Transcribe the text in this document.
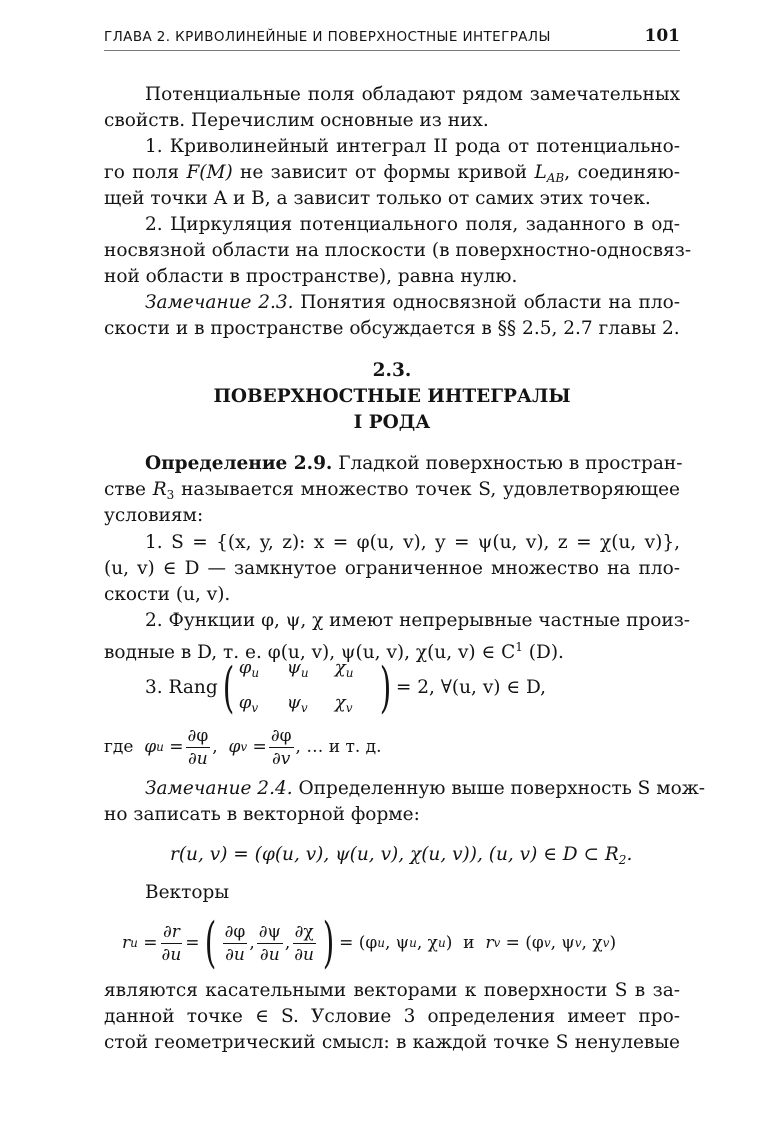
ГЛАВА 2. КРИВОЛИНЕЙНЫЕ И ПОВЕРХНОСТНЫЕ ИНТЕГРАЛЫ	101
Потенциальные поля обладают рядом замечательных
свойств. Перечислим основные из них.
1. Криволинейный интеграл II рода от потенциально-
го поля F(M) не зависит от формы кривой $L_{AB}$, соединяю-
щей точки A и B, а зависит только от самих этих точек.
2. Циркуляция потенциального поля, заданного в од-
носвязной области на плоскости (в поверхностно-односвяз-
ной области в пространстве), равна нулю.
Замечание 2.3. Понятия односвязной области на пло-
скости и в пространстве обсуждается в §§ 2.5, 2.7 главы 2.
2.3.
ПОВЕРХНОСТНЫЕ ИНТЕГРАЛЫ
I РОДА
Определение 2.9. Гладкой поверхностью в простран-
стве $R_3$ называется множество точек S, удовлетворяющее
условиям:
1. S = {(x, y, z): x = φ(u, v), y = ψ(u, v), z = χ(u, v)},
(u, v) ∈ D — замкнутое ограниченное множество на пло-
скости (u, v).
2. Функции φ, ψ, χ имеют непрерывные частные произ-
водные в D, т. е. φ(u, v), ψ(u, v), χ(u, v) ∈ $C^1$ (D).
3. Rang ( $\varphi_u$	$\psi_u$	$\chi_u$
$\varphi_v$	$\psi_v$	$\chi_v$ ) = 2, ∀(u, v) ∈ D,
где
φ $u = \frac{\partial\varphi}{\partial u}$ , φ $v = \frac{\partial\varphi}{\partial v}$ , … и т. д.
Замечание 2.4. Определенную выше поверхность S мож-
но записать в векторной форме:
r(u, v) = (φ(u, v), ψ(u, v), χ(u, v)), (u, v) ∈ D ⊂ $R_2$.
Векторы
r u
= $\frac{\partial r}{\partial u}$ = ( $\frac{\partial\varphi}{\partial u}$ , $\frac{\partial\psi}{\partial u}$ , $\frac{\partial\chi}{\partial u}$ ) = (φ u , ψ u , χ u )
и
r v
= (φ v , ψ v , χ v )
являются касательными векторами к поверхности S в за-
данной точке ∈ S. Условие 3 определения имеет про-
стой геометрический смысл: в каждой точке S ненулевые
